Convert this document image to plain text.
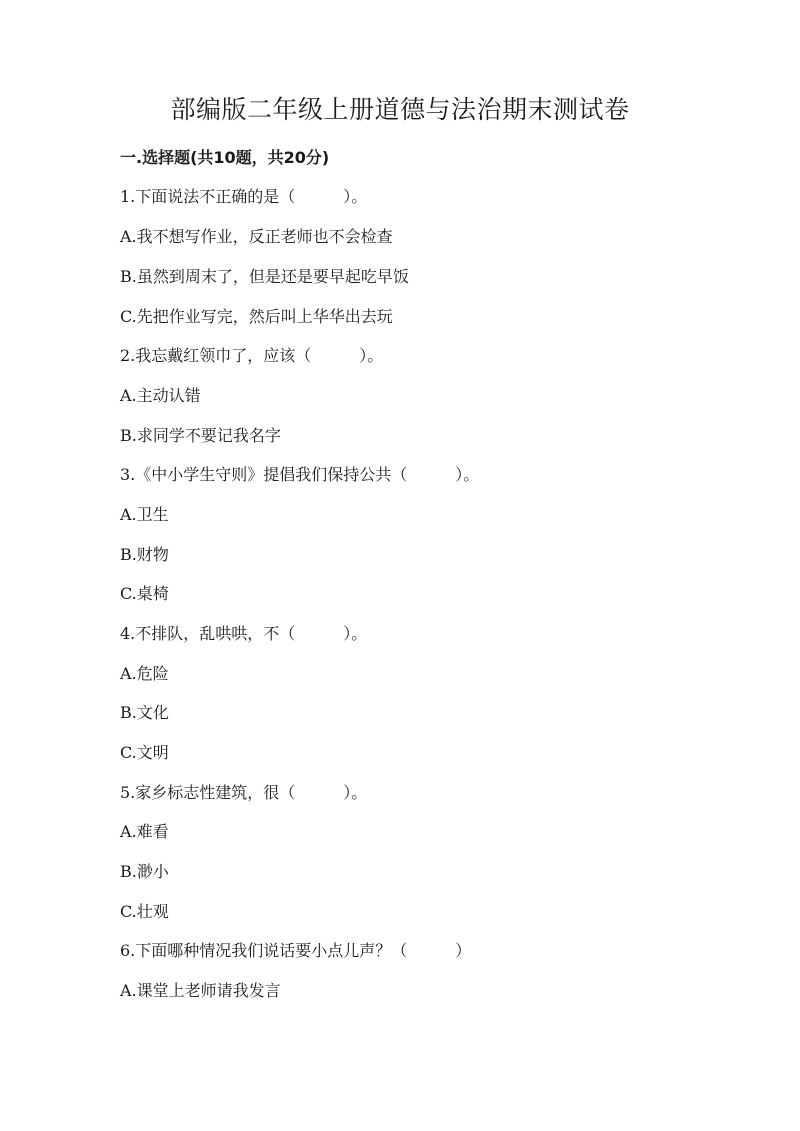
部编版二年级上册道德与法治期末测试卷

一.选择题(共10题，共20分)

1.下面说法不正确的是（　　　）。

A.我不想写作业，反正老师也不会检查

B.虽然到周末了，但是还是要早起吃早饭

C.先把作业写完，然后叫上华华出去玩

2.我忘戴红领巾了，应该（　　　）。

A.主动认错

B.求同学不要记我名字

3.《中小学生守则》提倡我们保持公共（　　　）。

A.卫生

B.财物

C.桌椅

4.不排队，乱哄哄，不（　　　）。

A.危险

B.文化

C.文明

5.家乡标志性建筑，很（　　　）。

A.难看

B.渺小

C.壮观

6.下面哪种情况我们说话要小点儿声？（　　　）

A.课堂上老师请我发言
